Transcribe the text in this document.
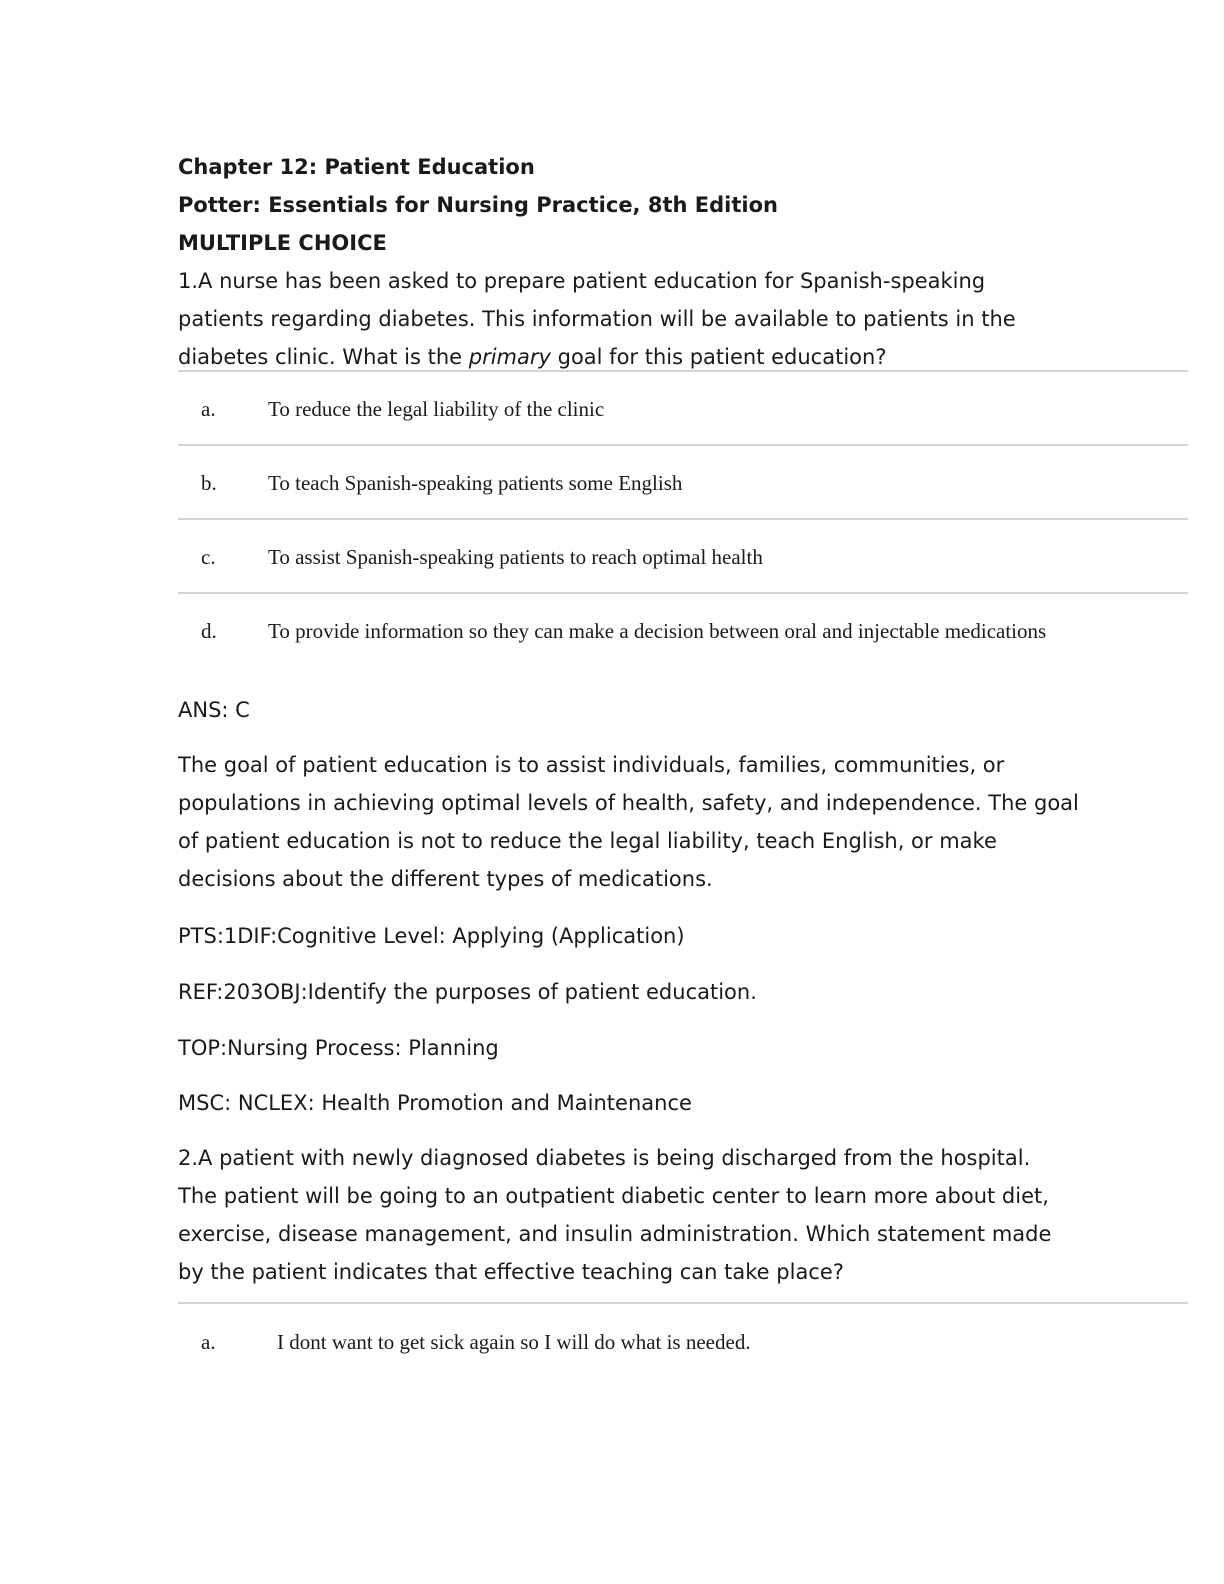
Chapter 12: Patient Education
Potter: Essentials for Nursing Practice, 8th Edition
MULTIPLE CHOICE
1.A nurse has been asked to prepare patient education for Spanish-speaking
patients regarding diabetes. This information will be available to patients in the
diabetes clinic. What is the primary goal for this patient education?
a. To reduce the legal liability of the clinic
b. To teach Spanish-speaking patients some English
c. To assist Spanish-speaking patients to reach optimal health
d. To provide information so they can make a decision between oral and injectable medications
ANS: C
The goal of patient education is to assist individuals, families, communities, or
populations in achieving optimal levels of health, safety, and independence. The goal
of patient education is not to reduce the legal liability, teach English, or make
decisions about the different types of medications.
PTS:1DIF:Cognitive Level: Applying (Application)
REF:203OBJ:Identify the purposes of patient education.
TOP:Nursing Process: Planning
MSC: NCLEX: Health Promotion and Maintenance
2.A patient with newly diagnosed diabetes is being discharged from the hospital.
The patient will be going to an outpatient diabetic center to learn more about diet,
exercise, disease management, and insulin administration. Which statement made
by the patient indicates that effective teaching can take place?
a.	I dont want to get sick again so I will do what is needed.
